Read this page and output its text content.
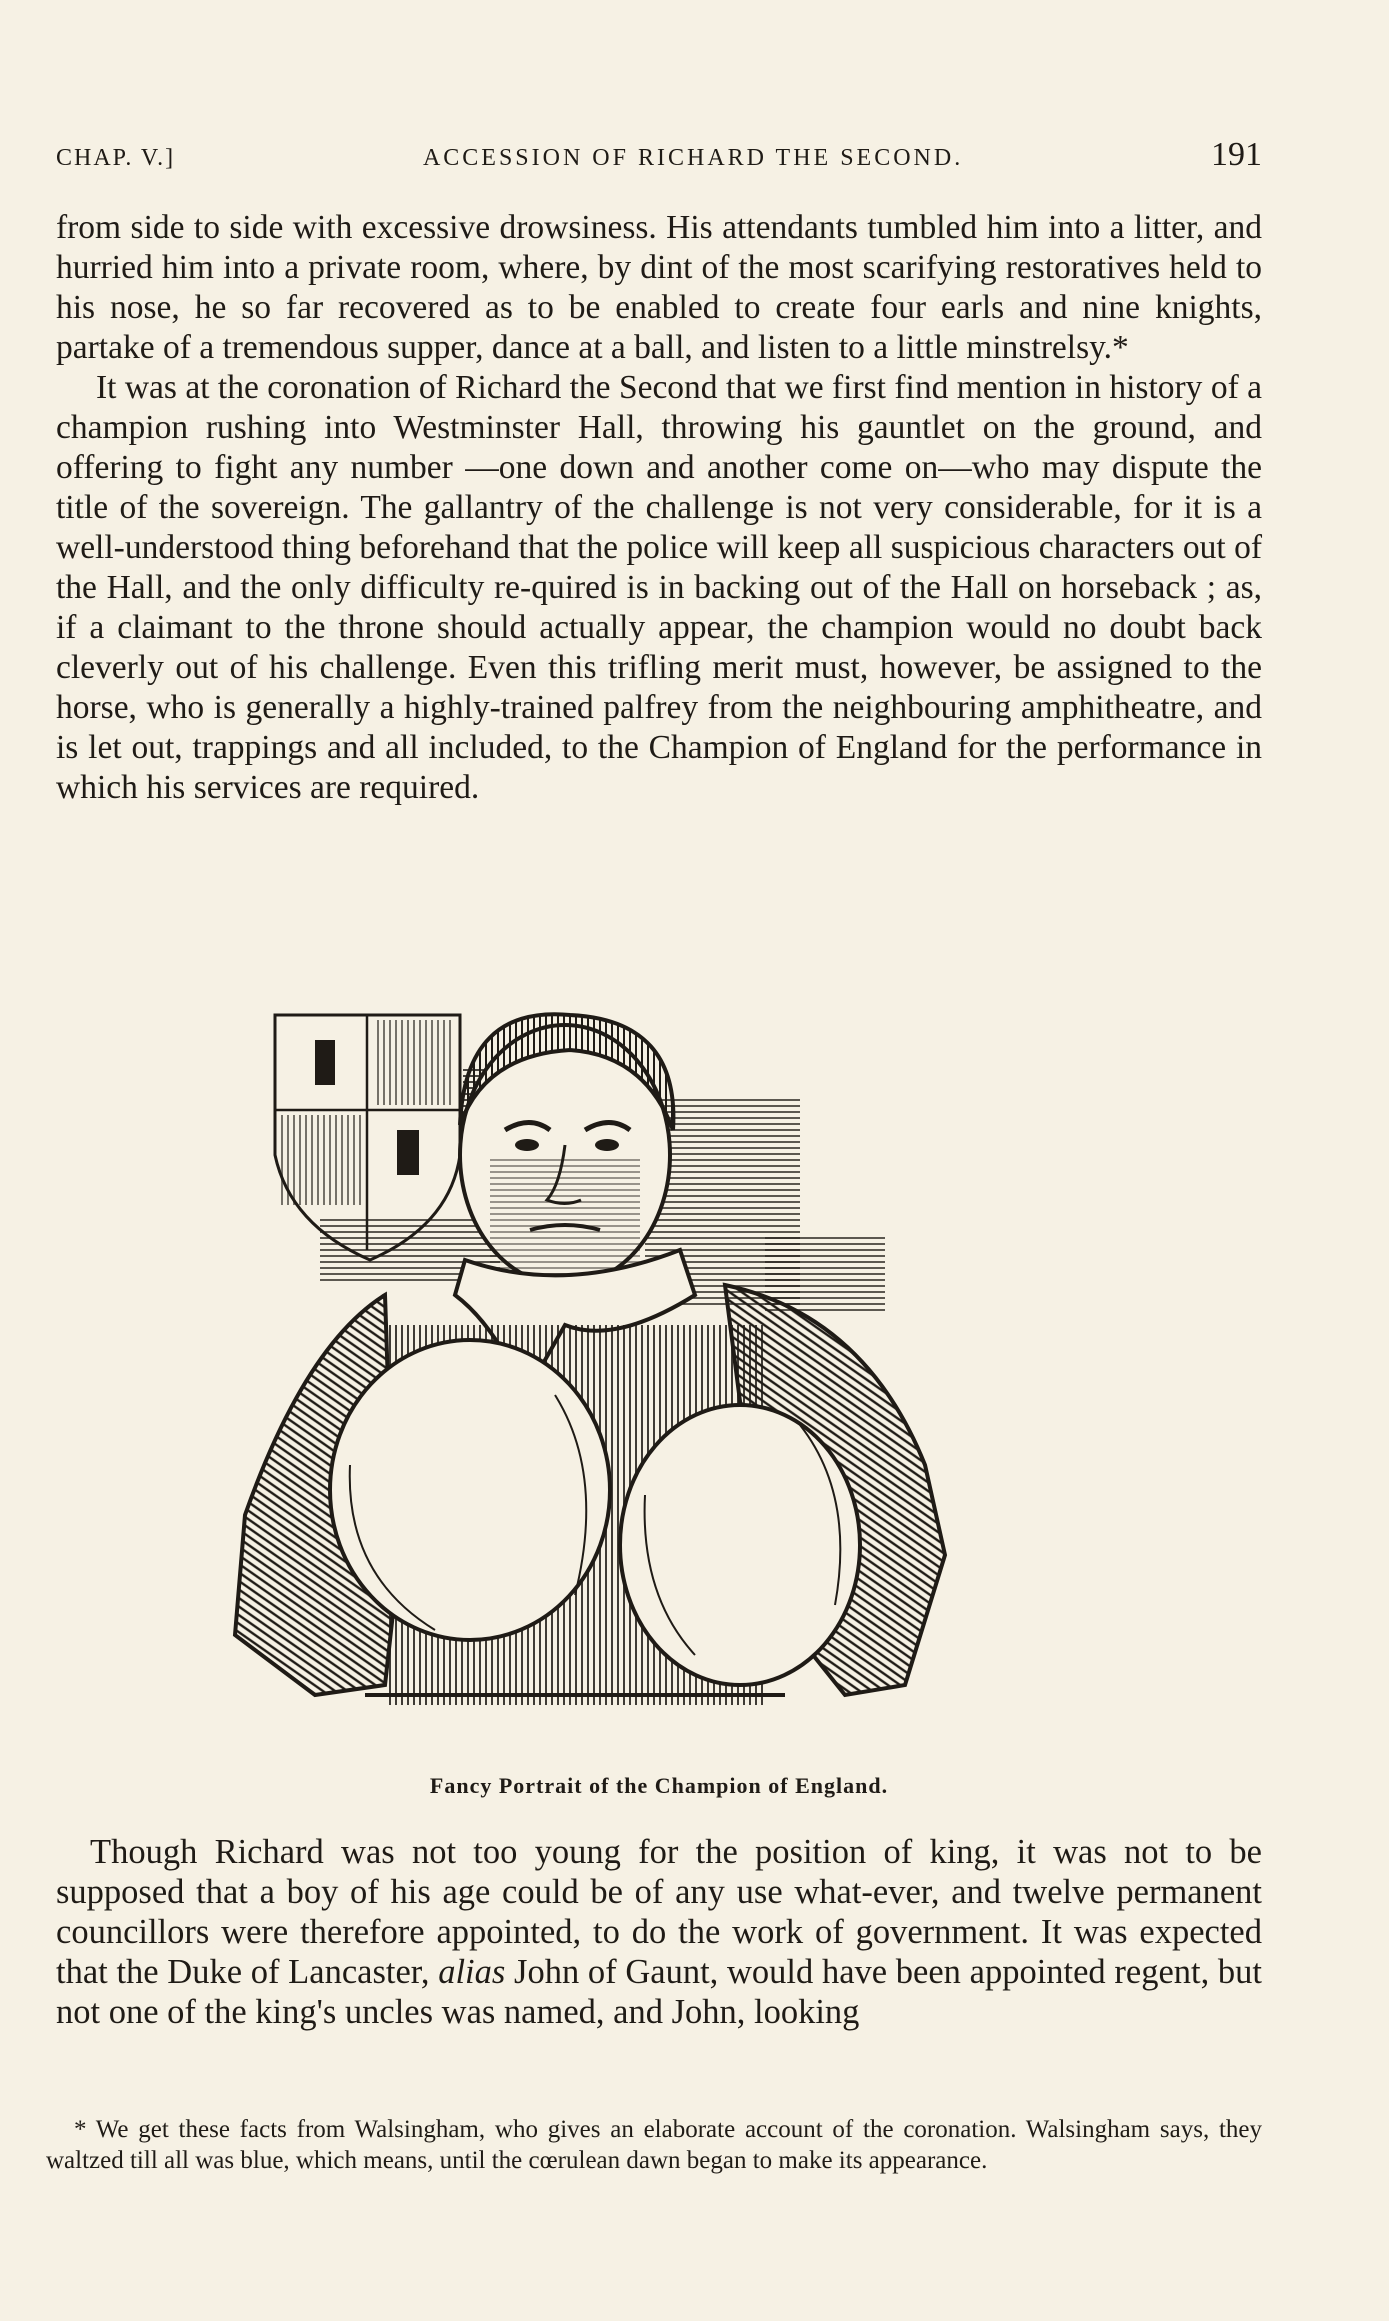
CHAP. V.]	ACCESSION OF RICHARD THE SECOND.	191

from side to side with excessive drowsiness. His attendants tumbled him into a litter, and hurried him into a private room, where, by dint of the most scarifying restoratives held to his nose, he so far recovered as to be enabled to create four earls and nine knights, partake of a tremendous supper, dance at a ball, and listen to a little minstrelsy.*

It was at the coronation of Richard the Second that we first find mention in history of a champion rushing into Westminster Hall, throwing his gauntlet on the ground, and offering to fight any number —one down and another come on—who may dispute the title of the sovereign. The gallantry of the challenge is not very considerable, for it is a well-understood thing beforehand that the police will keep all suspicious characters out of the Hall, and the only difficulty re-quired is in backing out of the Hall on horseback ; as, if a claimant to the throne should actually appear, the champion would no doubt back cleverly out of his challenge. Even this trifling merit must, however, be assigned to the horse, who is generally a highly-trained palfrey from the neighbouring amphitheatre, and is let out, trappings and all included, to the Champion of England for the performance in which his services are required.

Fancy Portrait of the Champion of England.

Though Richard was not too young for the position of king, it was not to be supposed that a boy of his age could be of any use what-ever, and twelve permanent councillors were therefore appointed, to do the work of government. It was expected that the Duke of Lancaster, alias John of Gaunt, would have been appointed regent, but not one of the king's uncles was named, and John, looking

* We get these facts from Walsingham, who gives an elaborate account of the coronation. Walsingham says, they waltzed till all was blue, which means, until the cœrulean dawn began to make its appearance.
